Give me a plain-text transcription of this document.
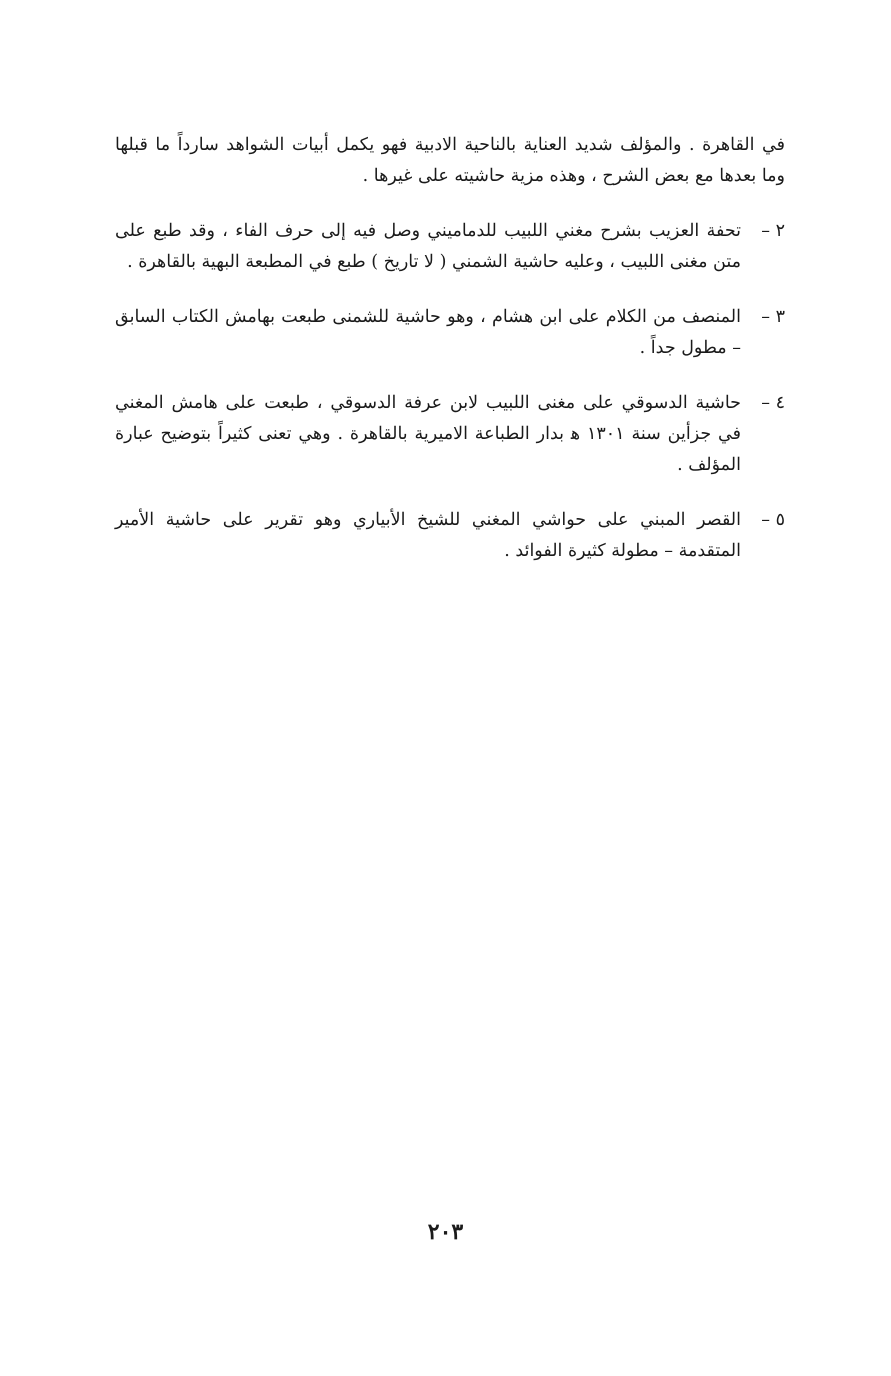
في القاهرة . والمؤلف شديد العناية بالناحية الادبية فهو يكمل أبيات الشواهد سارداً ما قبلها وما بعدها مع بعض الشرح ، وهذه مزية حاشيته على غيرها .

٢ –
تحفة العزيب بشرح مغني اللبيب للدماميني وصل فيه إلى حرف الفاء ، وقد طبع على متن مغنى اللبيب ، وعليه حاشية الشمني ( لا تاريخ ) طبع في المطبعة البهية بالقاهرة .
٣ –
المنصف من الكلام على ابن هشام ، وهو حاشية للشمنى طبعت بهامش الكتاب السابق – مطول جداً .
٤ –
حاشية الدسوقي على مغنى اللبيب لابن عرفة الدسوقي ، طبعت على هامش المغني في جزأين سنة ١٣٠١ ﻫ بدار الطباعة الاميرية بالقاهرة . وهي تعنى كثيراً بتوضيح عبارة المؤلف .
٥ –
القصر المبني على حواشي المغني للشيخ الأبياري وهو تقرير على حاشية الأمير المتقدمة – مطولة كثيرة الفوائد .
٢٠٣
